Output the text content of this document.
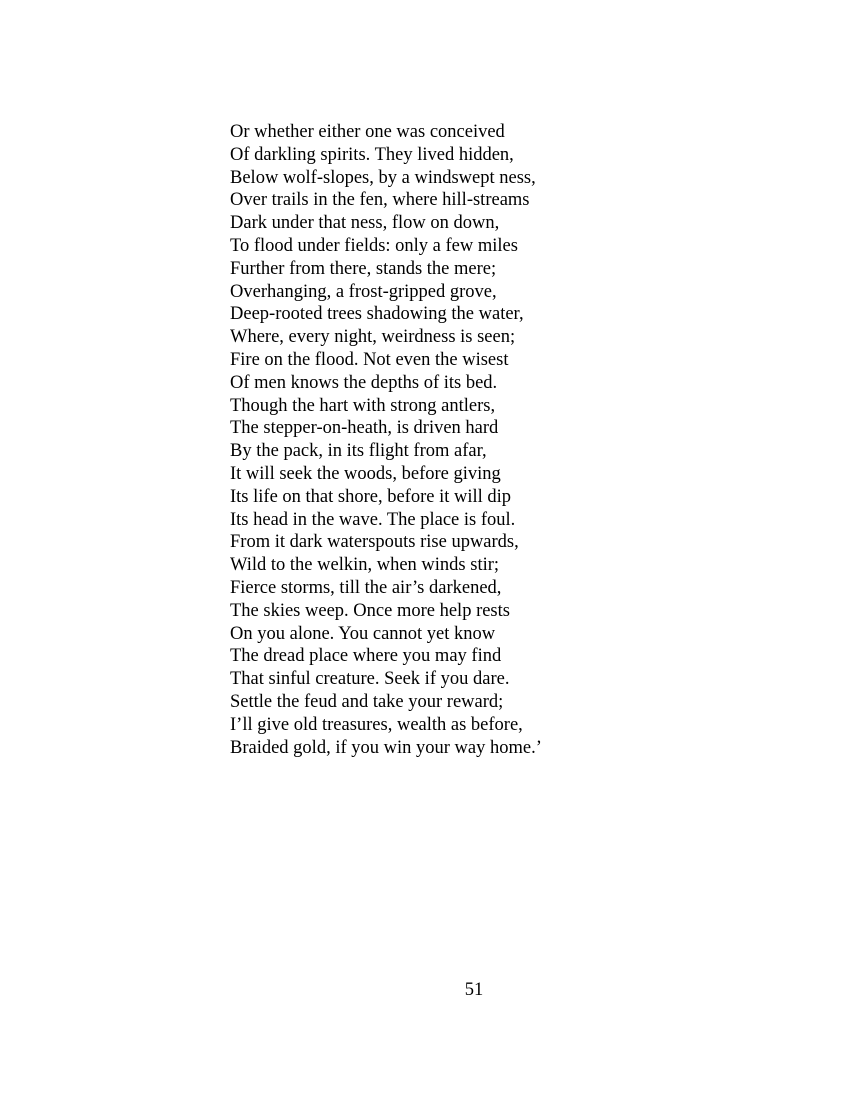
Or whether either one was conceived
Of darkling spirits. They lived hidden,
Below wolf-slopes, by a windswept ness,
Over trails in the fen, where hill-streams
Dark under that ness, flow on down,
To flood under fields: only a few miles
Further from there, stands the mere;
Overhanging, a frost-gripped grove,
Deep-rooted trees shadowing the water,
Where, every night, weirdness is seen;
Fire on the flood. Not even the wisest
Of men knows the depths of its bed.
Though the hart with strong antlers,
The stepper-on-heath, is driven hard
By the pack, in its flight from afar,
It will seek the woods, before giving
Its life on that shore, before it will dip
Its head in the wave. The place is foul.
From it dark waterspouts rise upwards,
Wild to the welkin, when winds stir;
Fierce storms, till the air’s darkened,
The skies weep. Once more help rests
On you alone. You cannot yet know
The dread place where you may find
That sinful creature. Seek if you dare.
Settle the feud and take your reward;
I’ll give old treasures, wealth as before,
Braided gold, if you win your way home.’
51
